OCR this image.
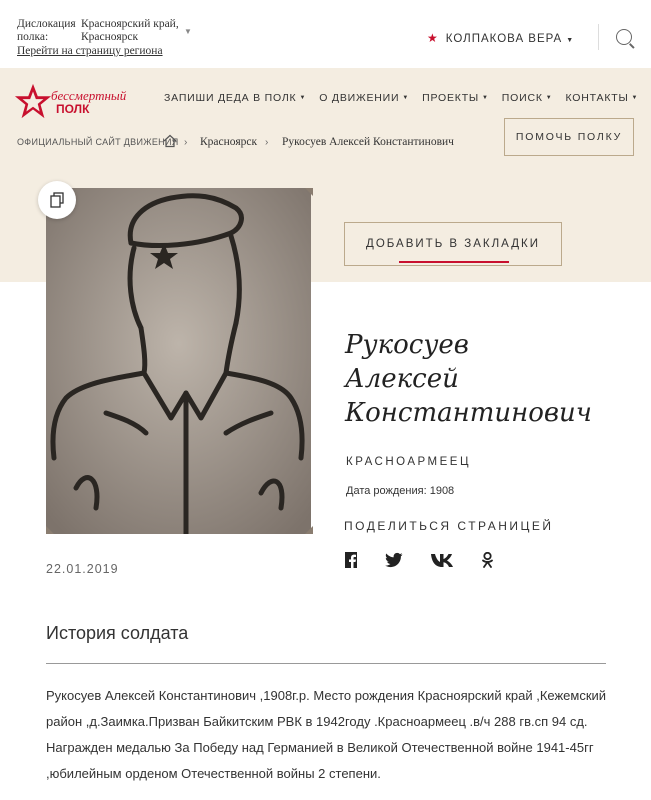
Дислокация полка:
Красноярский край, Красноярск	▼
Перейти на страницу региона
★ КОЛПАКОВА ВЕРА ▼
бессмертный
ПОЛК
ЗАПИШИ ДЕДА В ПОЛК ▼ О ДВИЖЕНИИ ▼ ПРОЕКТЫ ▼ ПОИСК ▼ КОНТАКТЫ ▼
ОФИЦИАЛЬНЫЙ САЙТ ДВИЖЕНИЯ › Красноярск › Рукосуев Алексей Константинович	ПОМОЧЬ ПОЛКУ
ДОБАВИТЬ В ЗАКЛАДКИ
Рукосуев
Алексей
Константинович
КРАСНОАРМЕЕЦ
Дата рождения: 1908
ПОДЕЛИТЬСЯ СТРАНИЦЕЙ
22.01.2019
История солдата
Рукосуев Алексей Константинович ,1908г.р. Место рождения Красноярский край ,Кежемский район ,д.Заимка.Призван Байкитским РВК в 1942году .Красноармеец .в/ч 288 гв.сп 94 сд. Награжден медалью За Победу над Германией в Великой Отечественной войне 1941-45гг ,юбилейным орденом Отечественной войны 2 степени.
